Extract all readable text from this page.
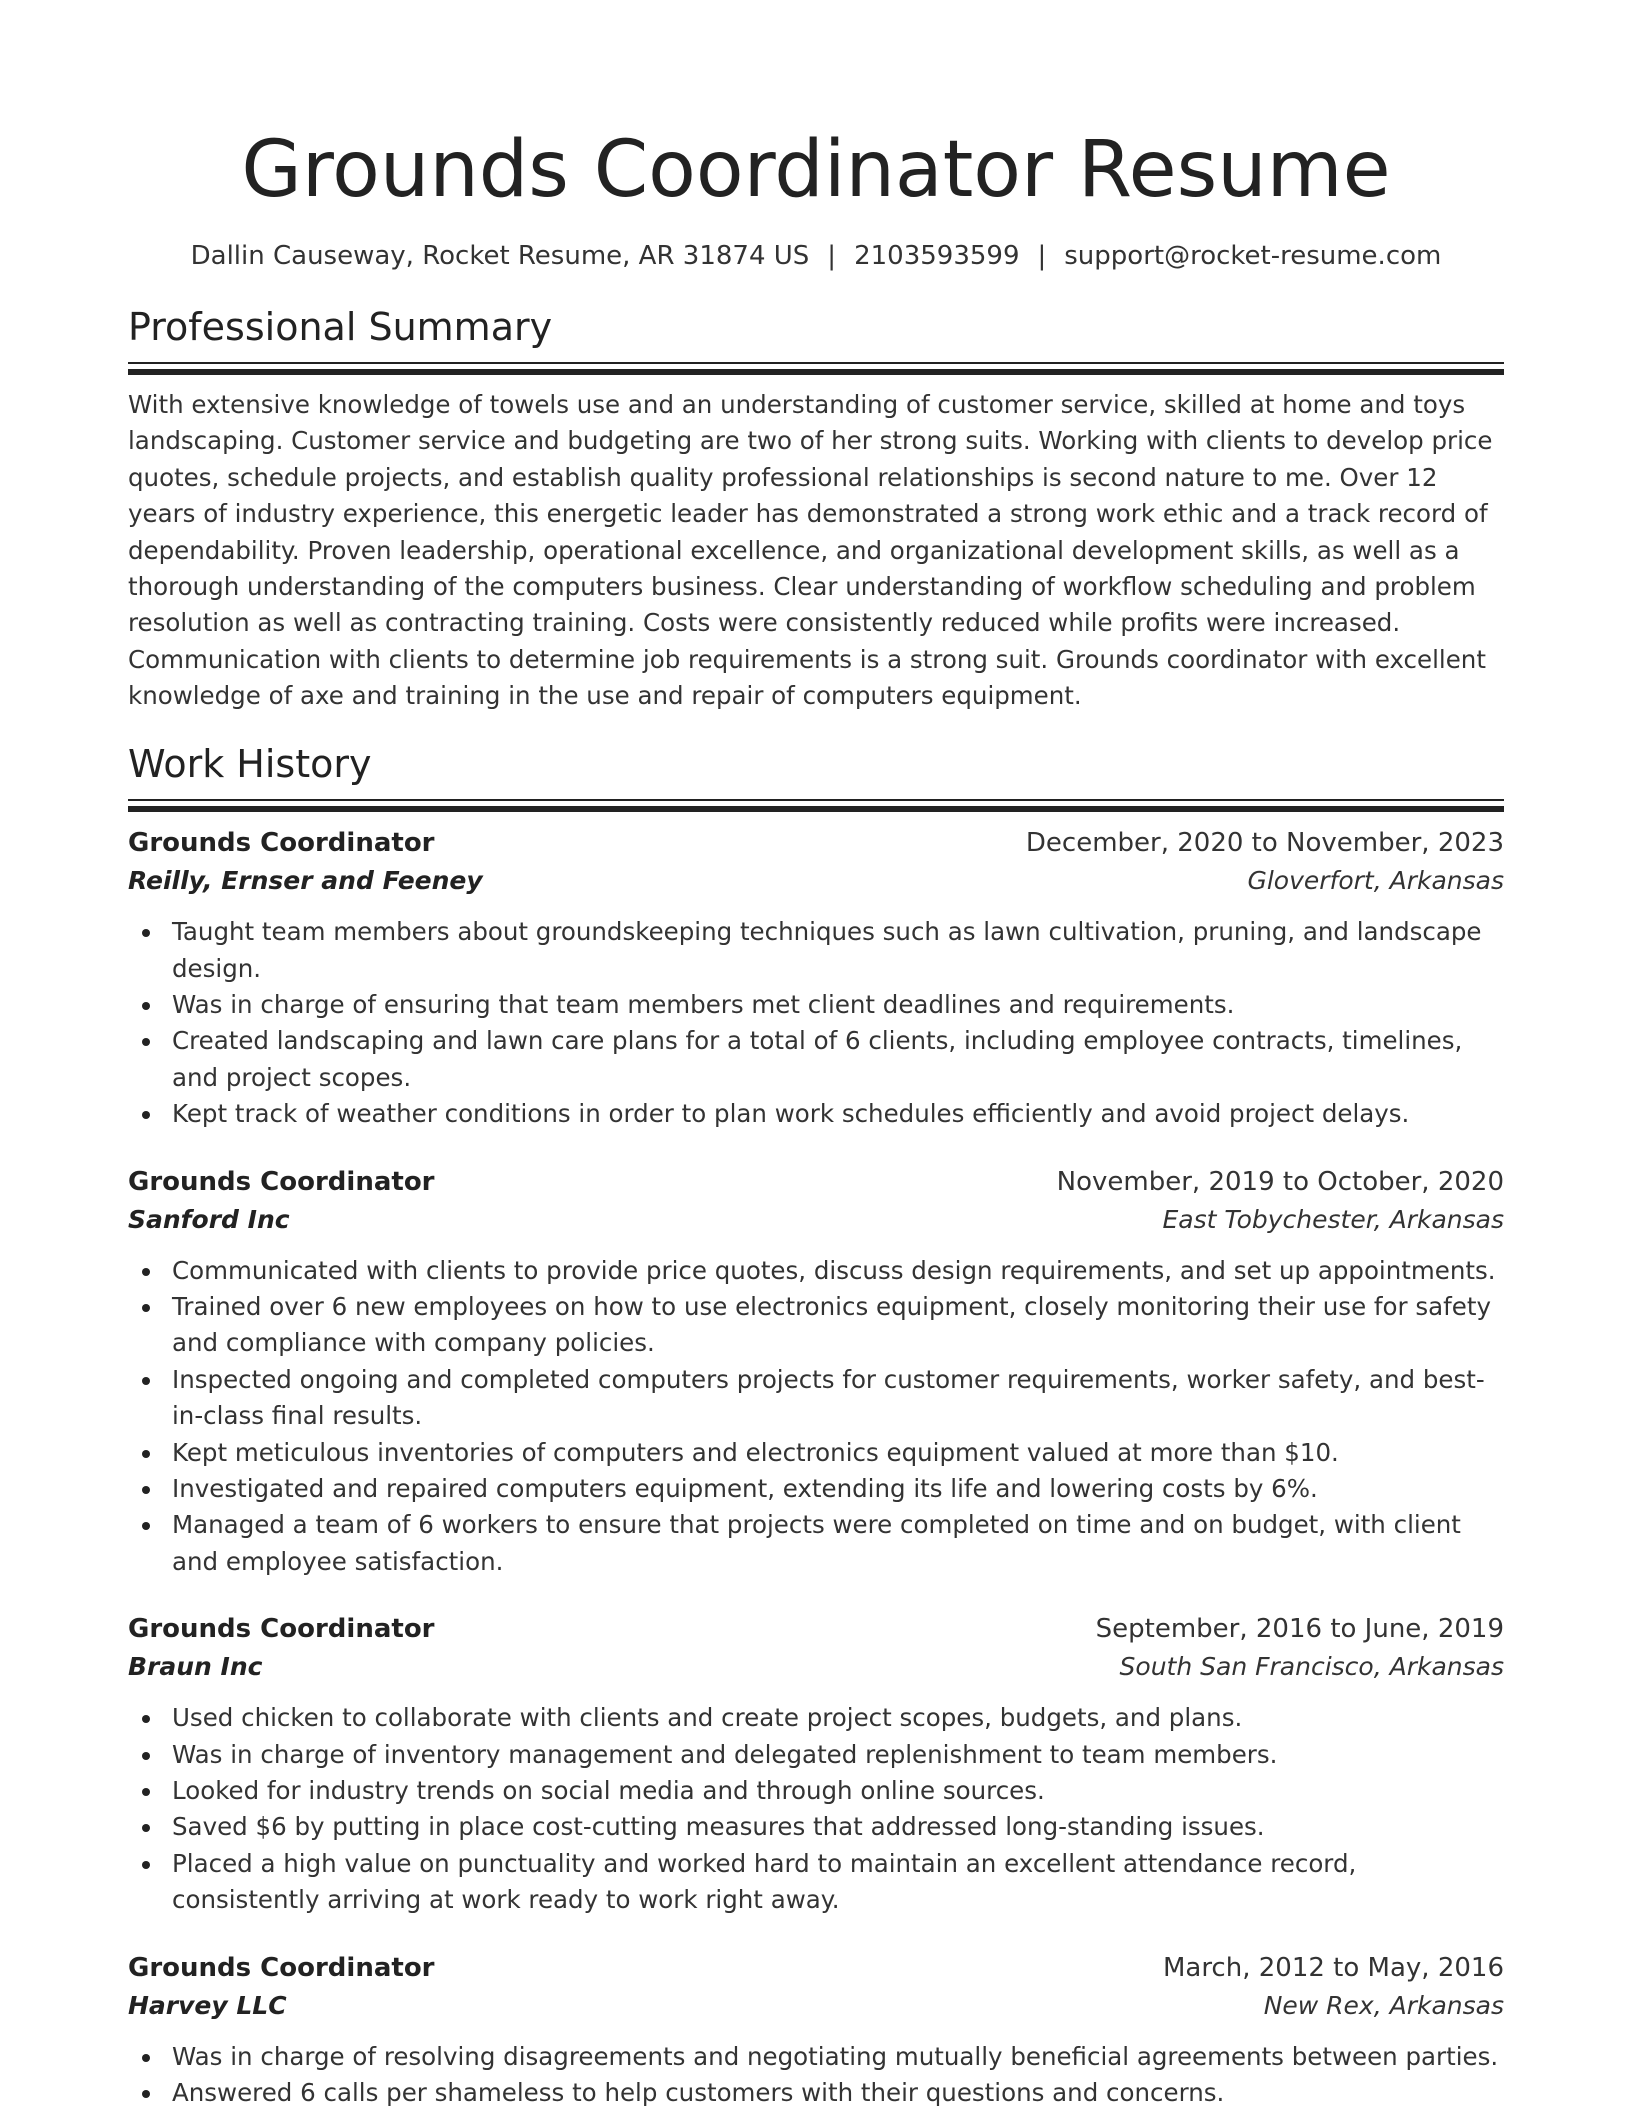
Grounds Coordinator Resume
Dallin Causeway, Rocket Resume, AR 31874 US | 2103593599 | support@rocket-resume.com
Professional Summary

With extensive knowledge of towels use and an understanding of customer service, skilled at home and toys landscaping. Customer service and budgeting are two of her strong suits. Working with clients to develop price quotes, schedule projects, and establish quality professional relationships is second nature to me. Over 12 years of industry experience, this energetic leader has demonstrated a strong work ethic and a track record of dependability. Proven leadership, operational excellence, and organizational development skills, as well as a thorough understanding of the computers business. Clear understanding of workflow scheduling and problem resolution as well as contracting training. Costs were consistently reduced while profits were increased. Communication with clients to determine job requirements is a strong suit. Grounds coordinator with excellent knowledge of axe and training in the use and repair of computers equipment.

Work History
Grounds Coordinator	December, 2020 to November, 2023
Reilly, Ernser and Feeney	Gloverfort, Arkansas
Taught team members about groundskeeping techniques such as lawn cultivation, pruning, and landscape design.
Was in charge of ensuring that team members met client deadlines and requirements.
Created landscaping and lawn care plans for a total of 6 clients, including employee contracts, timelines, and project scopes.
Kept track of weather conditions in order to plan work schedules efficiently and avoid project delays.
Grounds Coordinator	November, 2019 to October, 2020
Sanford Inc	East Tobychester, Arkansas
Communicated with clients to provide price quotes, discuss design requirements, and set up appointments.
Trained over 6 new employees on how to use electronics equipment, closely monitoring their use for safety and compliance with company policies.
Inspected ongoing and completed computers projects for customer requirements, worker safety, and best-in-class final results.
Kept meticulous inventories of computers and electronics equipment valued at more than $10.
Investigated and repaired computers equipment, extending its life and lowering costs by 6%.
Managed a team of 6 workers to ensure that projects were completed on time and on budget, with client and employee satisfaction.
Grounds Coordinator	September, 2016 to June, 2019
Braun Inc	South San Francisco, Arkansas
Used chicken to collaborate with clients and create project scopes, budgets, and plans.
Was in charge of inventory management and delegated replenishment to team members.
Looked for industry trends on social media and through online sources.
Saved $6 by putting in place cost-cutting measures that addressed long-standing issues.
Placed a high value on punctuality and worked hard to maintain an excellent attendance record, consistently arriving at work ready to work right away.
Grounds Coordinator	March, 2012 to May, 2016
Harvey LLC	New Rex, Arkansas
Was in charge of resolving disagreements and negotiating mutually beneficial agreements between parties.
Answered 6 calls per shameless to help customers with their questions and concerns.
